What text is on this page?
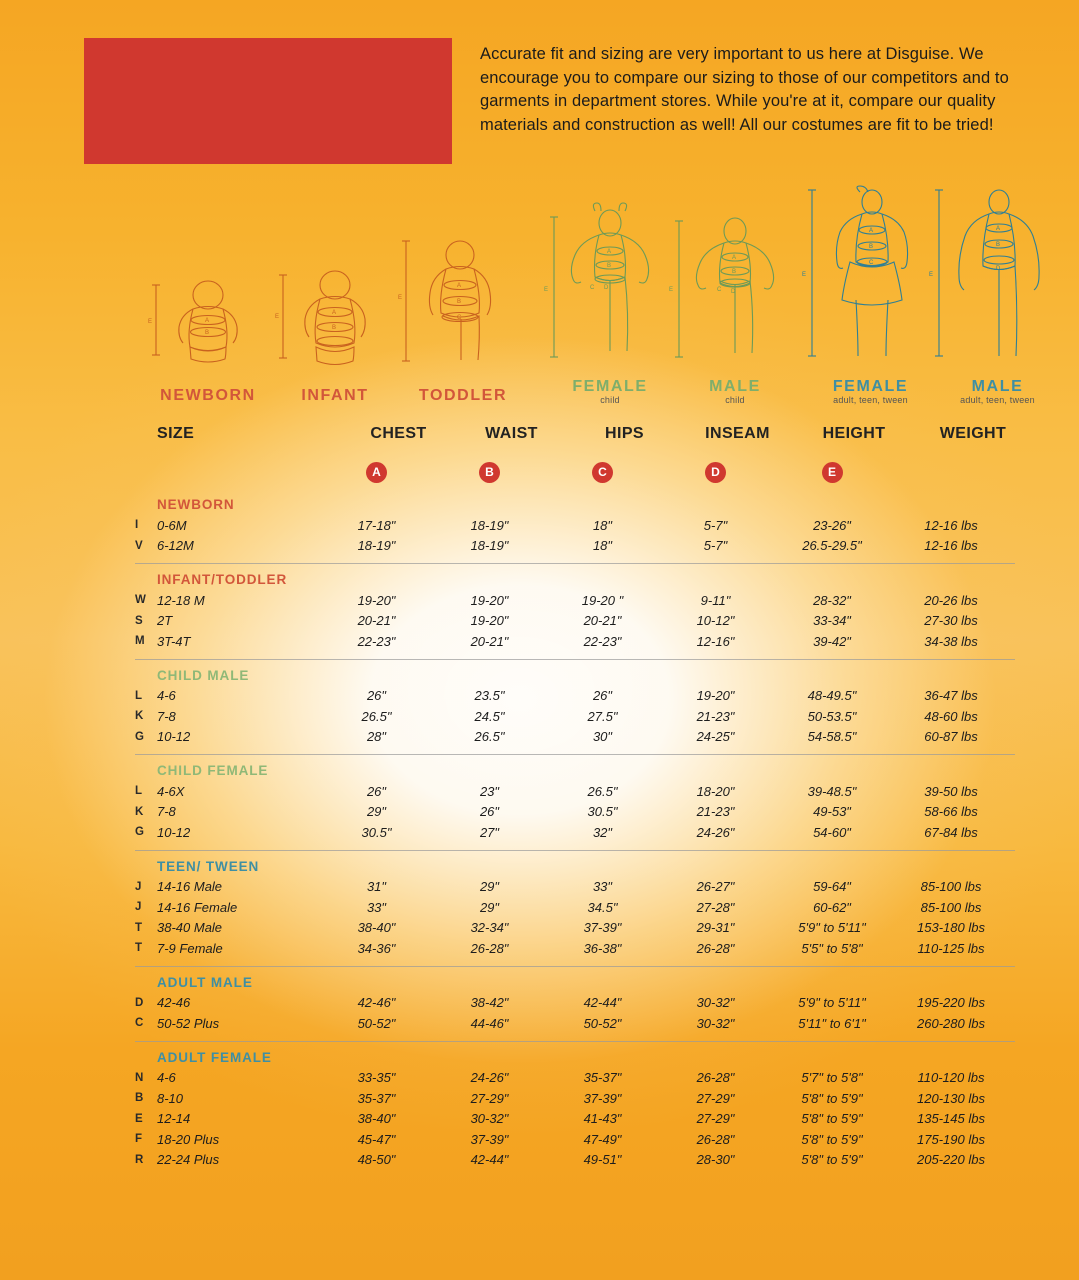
Accurate fit and sizing are very important to us here at Disguise. We encourage you to compare our sizing to those of our competitors and to garments in department stores. While you're at it, compare our quality materials and construction as well! All our costumes are fit to be tried!
E	A
B
NEWBORN
E
A
B
INFANT
E
A
B
C
TODDLER
E
A
B
C D
FEMALE
child
E
A
B
C D
MALE
child
E
A
B
C
FEMALE
adult, teen, tween
E
A
B
D
MALE
adult, teen, tween
SIZE	CHEST	WAIST	HIPS	INSEAM	HEIGHT	WEIGHT
A	B	C	D	E
NEWBORN
I	0-6M	17-18"	18-19"	18"	5-7"	23-26"	12-16 lbs
V	6-12M	18-19"	18-19"	18"	5-7"	26.5-29.5"	12-16 lbs
INFANT/TODDLER
W 12-18 M	19-20"	19-20"	19-20 "	9-11"	28-32"	20-26 lbs
S	2T	20-21"	19-20"	20-21"	10-12"	33-34"	27-30 lbs
M 3T-4T	22-23"	20-21"	22-23"	12-16"	39-42"	34-38 lbs
CHILD MALE
L	4-6	26"	23.5"	26"	19-20"	48-49.5"	36-47 lbs
K	7-8	26.5"	24.5"	27.5"	21-23"	50-53.5"	48-60 lbs
G	10-12	28"	26.5"	30"	24-25"	54-58.5"	60-87 lbs
CHILD FEMALE
L	4-6X	26"	23"	26.5"	18-20"	39-48.5"	39-50 lbs
K	7-8	29"	26"	30.5"	21-23"	49-53"	58-66 lbs
G	10-12	30.5"	27"	32"	24-26"	54-60"	67-84 lbs
TEEN/ TWEEN
J	14-16 Male	31"	29"	33"	26-27"	59-64"	85-100 lbs
J	14-16 Female	33"	29"	34.5"	27-28"	60-62"	85-100 lbs
T	38-40 Male	38-40"	32-34"	37-39"	29-31"	5'9" to 5'11"	153-180 lbs
T	7-9 Female	34-36"	26-28"	36-38"	26-28"	5'5" to 5'8"	110-125 lbs
ADULT MALE
D	42-46	42-46"	38-42"	42-44"	30-32"	5'9" to 5'11"	195-220 lbs
C	50-52 Plus	50-52"	44-46"	50-52"	30-32"	5'11" to 6'1"	260-280 lbs
ADULT FEMALE
N	4-6	33-35"	24-26"	35-37"	26-28"	5'7" to 5'8"	110-120 lbs
B	8-10	35-37"	27-29"	37-39"	27-29"	5'8" to 5'9"	120-130 lbs
E	12-14	38-40"	30-32"	41-43"	27-29"	5'8" to 5'9"	135-145 lbs
F	18-20 Plus	45-47"	37-39"	47-49"	26-28"	5'8" to 5'9"	175-190 lbs
R	22-24 Plus	48-50"	42-44"	49-51"	28-30"	5'8" to 5'9"	205-220 lbs
